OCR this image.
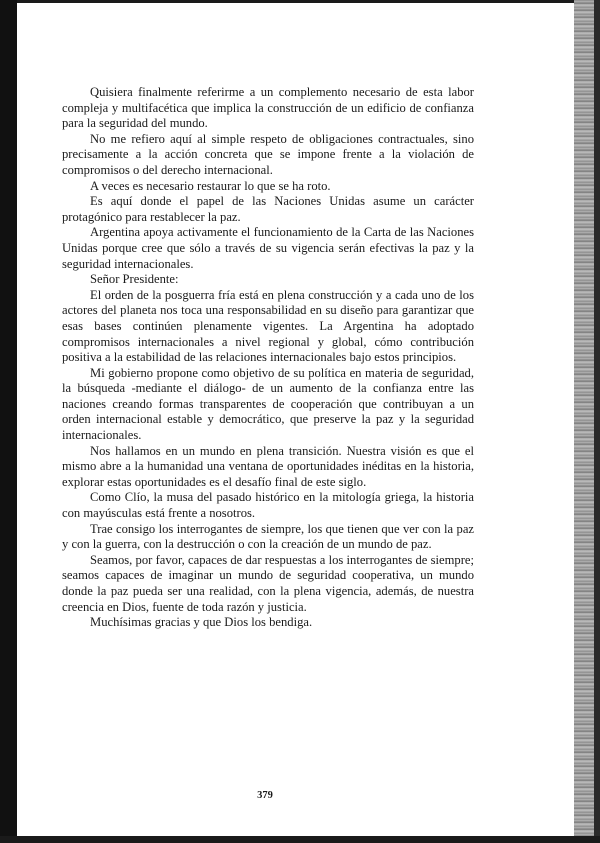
Quisiera finalmente referirme a un complemento necesario de esta labor compleja y multifacética que implica la construcción de un edificio de confianza para la seguridad del mundo.

No me refiero aquí al simple respeto de obligaciones contractuales, sino precisamente a la acción concreta que se impone frente a la violación de compromisos o del derecho internacional.

A veces es necesario restaurar lo que se ha roto.

Es aquí donde el papel de las Naciones Unidas asume un carácter protagónico para restablecer la paz.

Argentina apoya activamente el funcionamiento de la Carta de las Naciones Unidas porque cree que sólo a través de su vigencia serán efectivas la paz y la seguridad internacionales.

Señor Presidente:

El orden de la posguerra fría está en plena construcción y a cada uno de los actores del planeta nos toca una responsabilidad en su diseño para garantizar que esas bases continúen plenamente vigentes. La Argentina ha adoptado compromisos internacionales a nivel regional y global, cómo contribución positiva a la estabilidad de las relaciones internacionales bajo estos principios.

Mi gobierno propone como objetivo de su política en materia de seguridad, la búsqueda -mediante el diálogo- de un aumento de la confianza entre las naciones creando formas transparentes de cooperación que contribuyan a un orden internacional estable y democrático, que preserve la paz y la seguridad internacionales.

Nos hallamos en un mundo en plena transición. Nuestra visión es que el mismo abre a la humanidad una ventana de oportunidades inéditas en la historia, explorar estas oportunidades es el desafío final de este siglo.

Como Clío, la musa del pasado histórico en la mitología griega, la historia con mayúsculas está frente a nosotros.

Trae consigo los interrogantes de siempre, los que tienen que ver con la paz y con la guerra, con la destrucción o con la creación de un mundo de paz.

Seamos, por favor, capaces de dar respuestas a los interrogantes de siempre; seamos capaces de imaginar un mundo de seguridad cooperativa, un mundo donde la paz pueda ser una realidad, con la plena vigencia, además, de nuestra creencia en Dios, fuente de toda razón y justicia.

Muchísimas gracias y que Dios los bendiga.

379
